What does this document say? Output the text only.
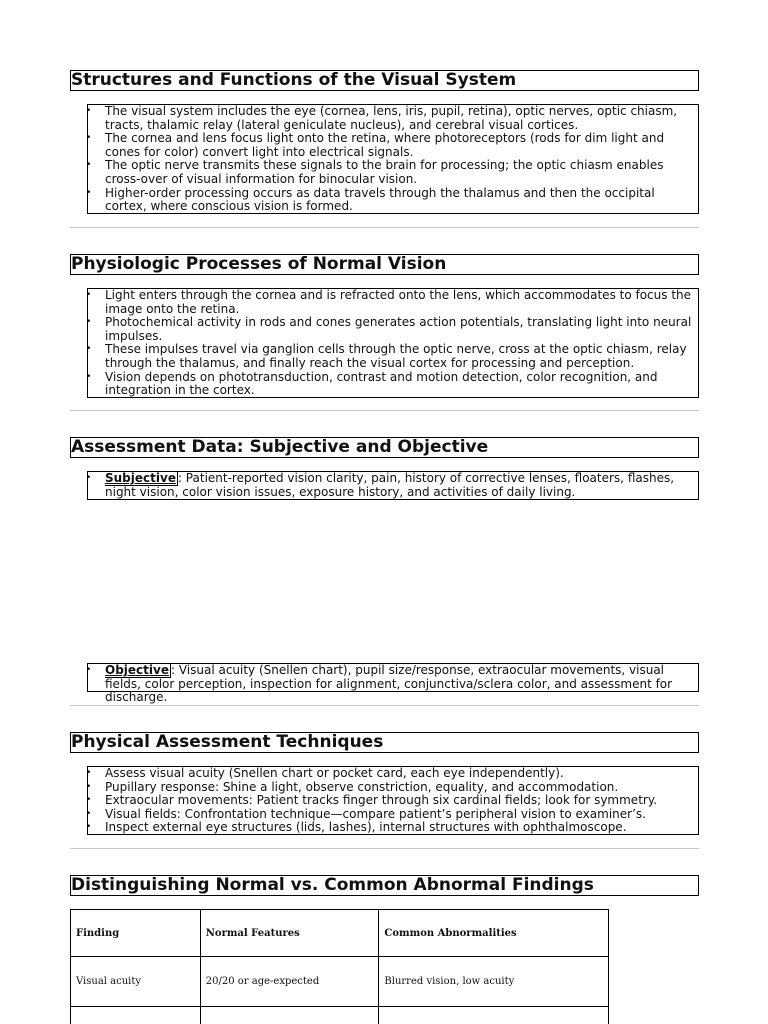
Structures and Functions of the Visual System
• The visual system includes the eye (cornea, lens, iris, pupil, retina), optic nerves, optic chiasm, tracts, thalamic relay (lateral geniculate nucleus), and cerebral visual cortices.
• The cornea and lens focus light onto the retina, where photoreceptors (rods for dim light and cones for color) convert light into electrical signals.
• The optic nerve transmits these signals to the brain for processing; the optic chiasm enables cross-over of visual information for binocular vision.
• Higher-order processing occurs as data travels through the thalamus and then the occipital cortex, where conscious vision is formed.
Physiologic Processes of Normal Vision
• Light enters through the cornea and is refracted onto the lens, which accommodates to focus the image onto the retina.
• Photochemical activity in rods and cones generates action potentials, translating light into neural impulses.
• These impulses travel via ganglion cells through the optic nerve, cross at the optic chiasm, relay through the thalamus, and finally reach the visual cortex for processing and perception.
• Vision depends on phototransduction, contrast and motion detection, color recognition, and integration in the cortex.
Assessment Data: Subjective and Objective
• Subjective : Patient-reported vision clarity, pain, history of corrective lenses, floaters, flashes, night vision, color vision issues, exposure history, and activities of daily living.
• Objective : Visual acuity (Snellen chart), pupil size/response, extraocular movements, visual fields, color perception, inspection for alignment, conjunctiva/sclera color, and assessment for discharge.
Physical Assessment Techniques
• Assess visual acuity (Snellen chart or pocket card, each eye independently).
• Pupillary response: Shine a light, observe constriction, equality, and accommodation.
• Extraocular movements: Patient tracks finger through six cardinal fields; look for symmetry.
• Visual fields: Confrontation technique—compare patient’s peripheral vision to examiner’s.
• Inspect external eye structures (lids, lashes), internal structures with ophthalmoscope.
Distinguishing Normal vs. Common Abnormal Findings
Finding	Normal Features	Common Abnormalities
Visual acuity	20/20 or age-expected	Blurred vision, low acuity
